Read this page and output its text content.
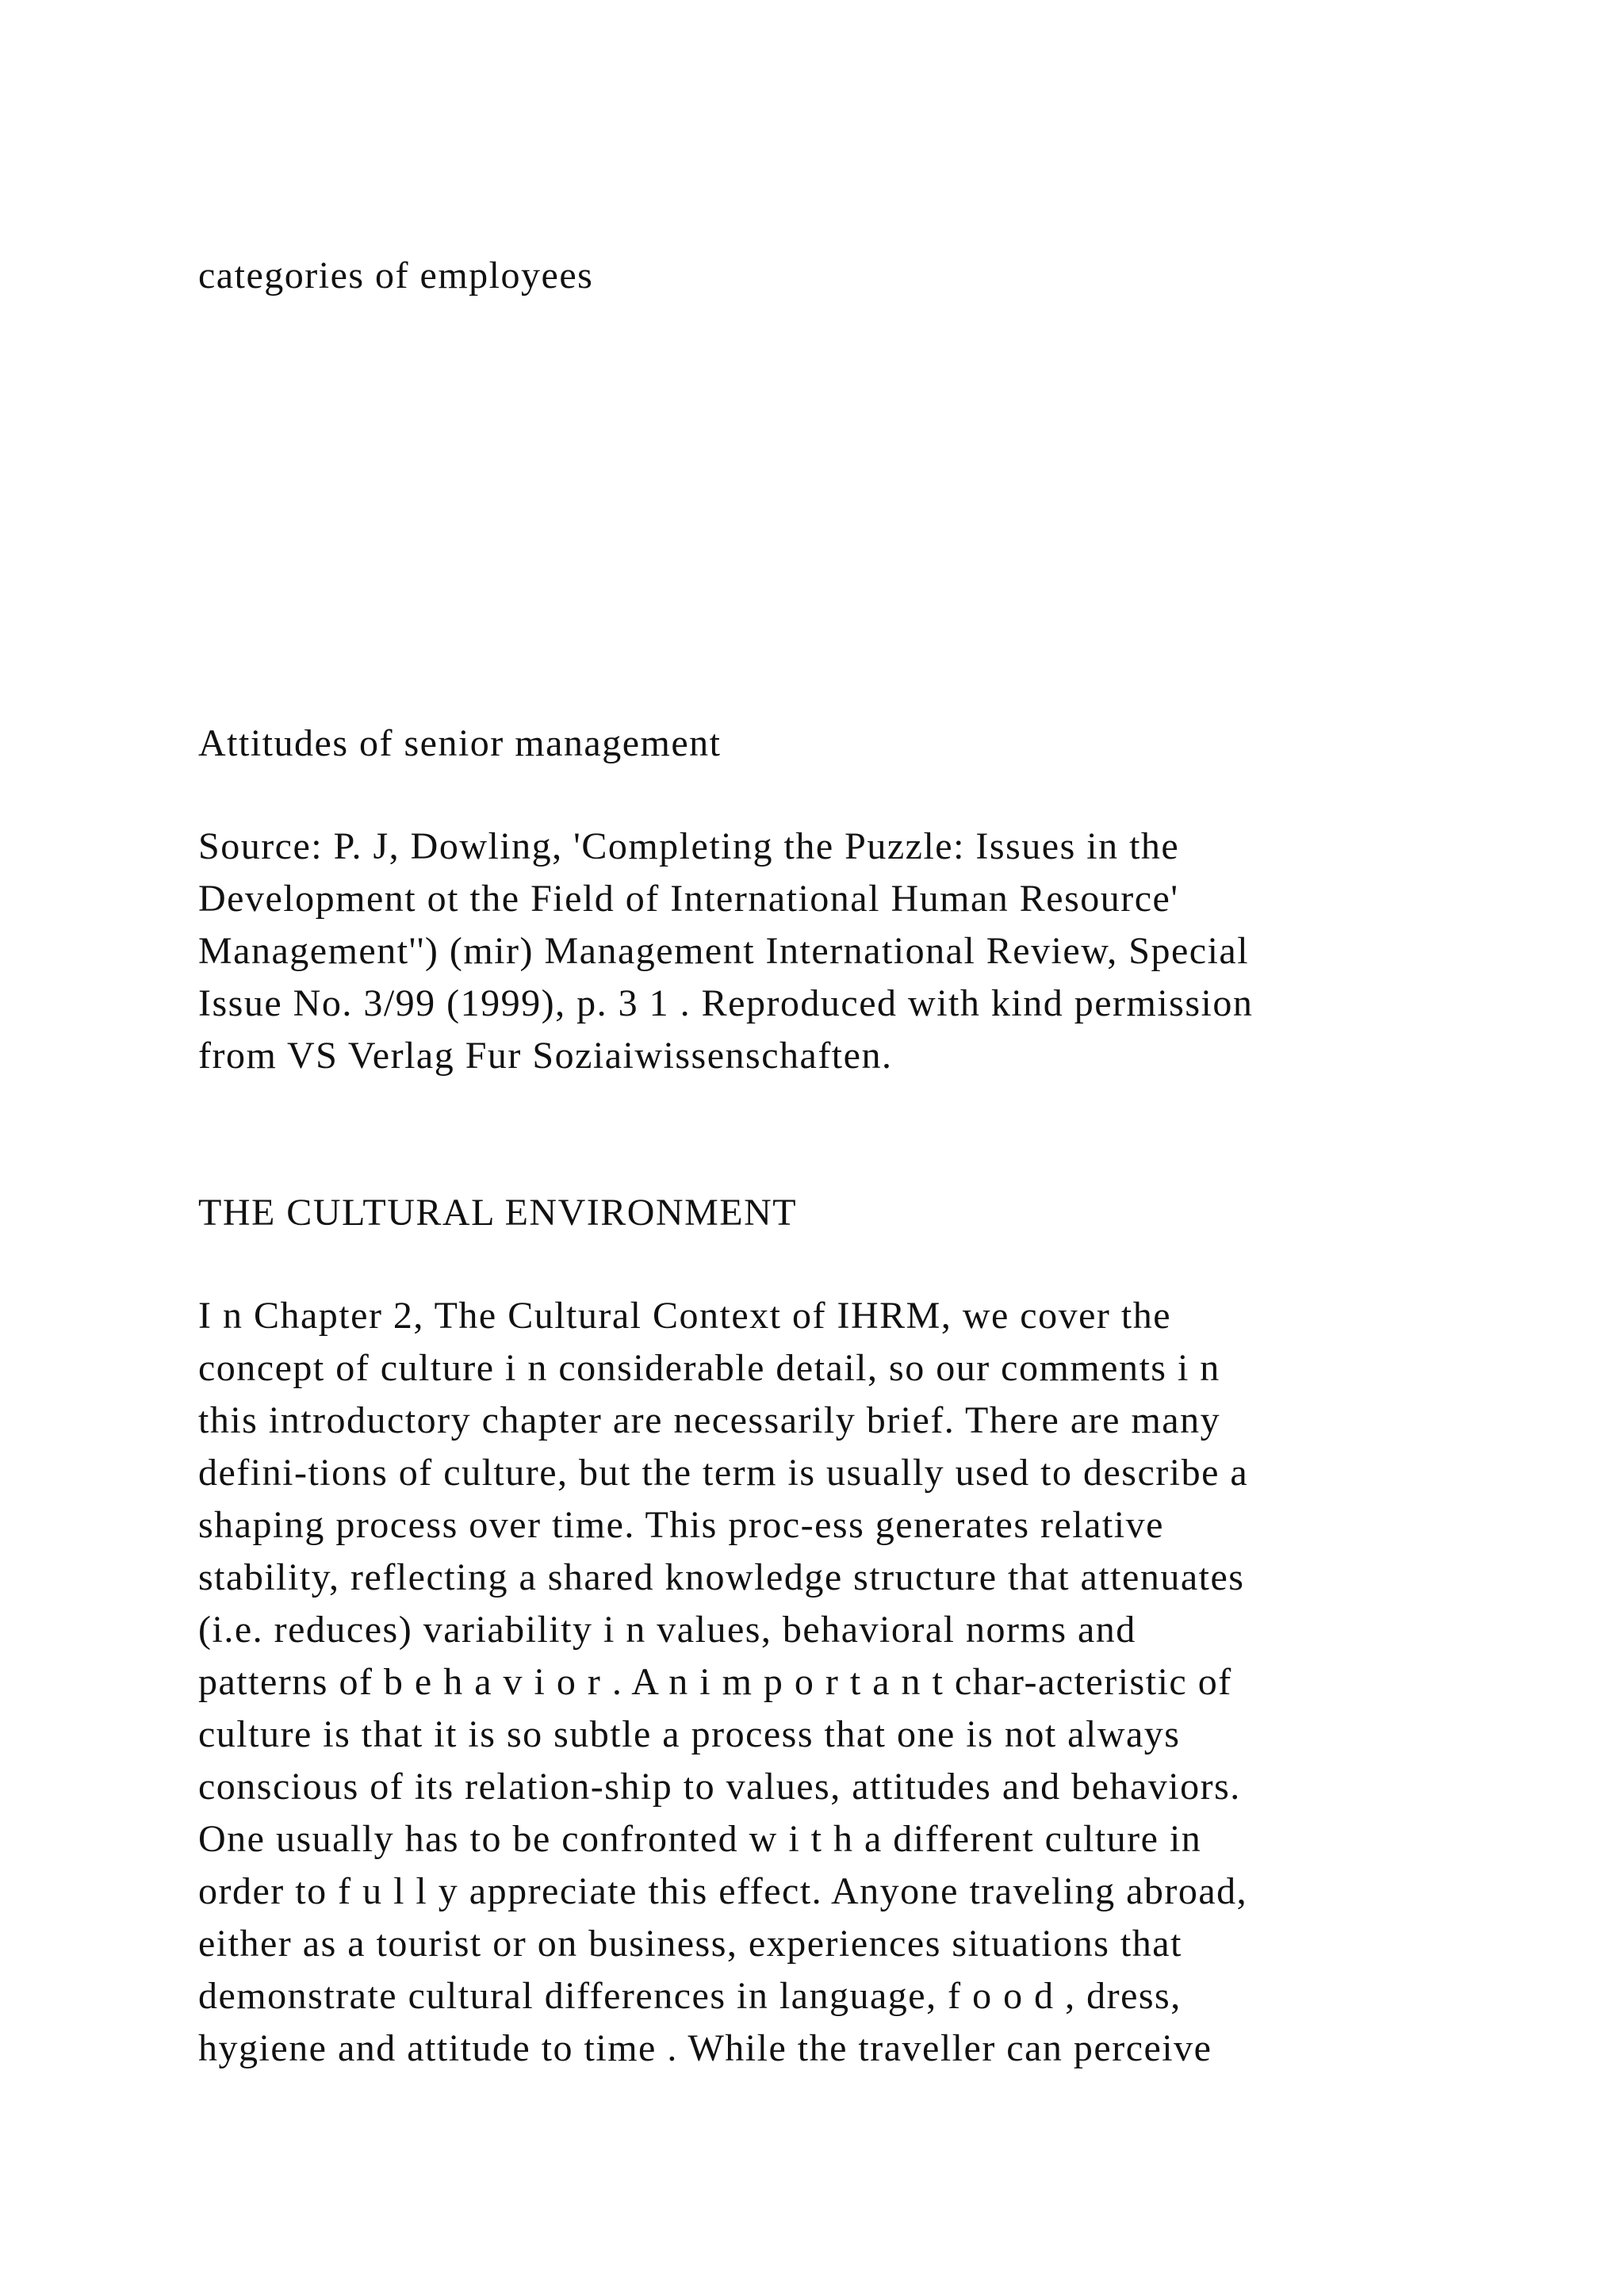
categories of employees

Attitudes of senior management

Source: P. J, Dowling, 'Completing the Puzzle: Issues in the

Development ot the Field of International Human Resource'

Management'') (mir) Management International Review, Special

Issue No. 3/99 (1999), p. 3 1 . Reproduced with kind permission

from VS Verlag Fur Soziaiwissenschaften.

THE CULTURAL ENVIRONMENT

I n Chapter 2, The Cultural Context of IHRM, we cover the

concept of culture i n considerable detail, so our comments i n

this introductory chapter are necessarily brief. There are many

defini-tions of culture, but the term is usually used to describe a

shaping process over time. This proc-ess generates relative

stability, reflecting a shared knowledge structure that attenuates

(i.e. reduces) variability i n values, behavioral norms and

patterns of b e h a v i o r . A n i m p o r t a n t char-acteristic of

culture is that it is so subtle a process that one is not always

conscious of its relation-ship to values, attitudes and behaviors.

One usually has to be confronted w i t h a different culture in

order to f u l l y appreciate this effect. Anyone traveling abroad,

either as a tourist or on business, experiences situations that

demonstrate cultural differences in language, f o o d , dress,

hygiene and attitude to time . While the traveller can perceive
